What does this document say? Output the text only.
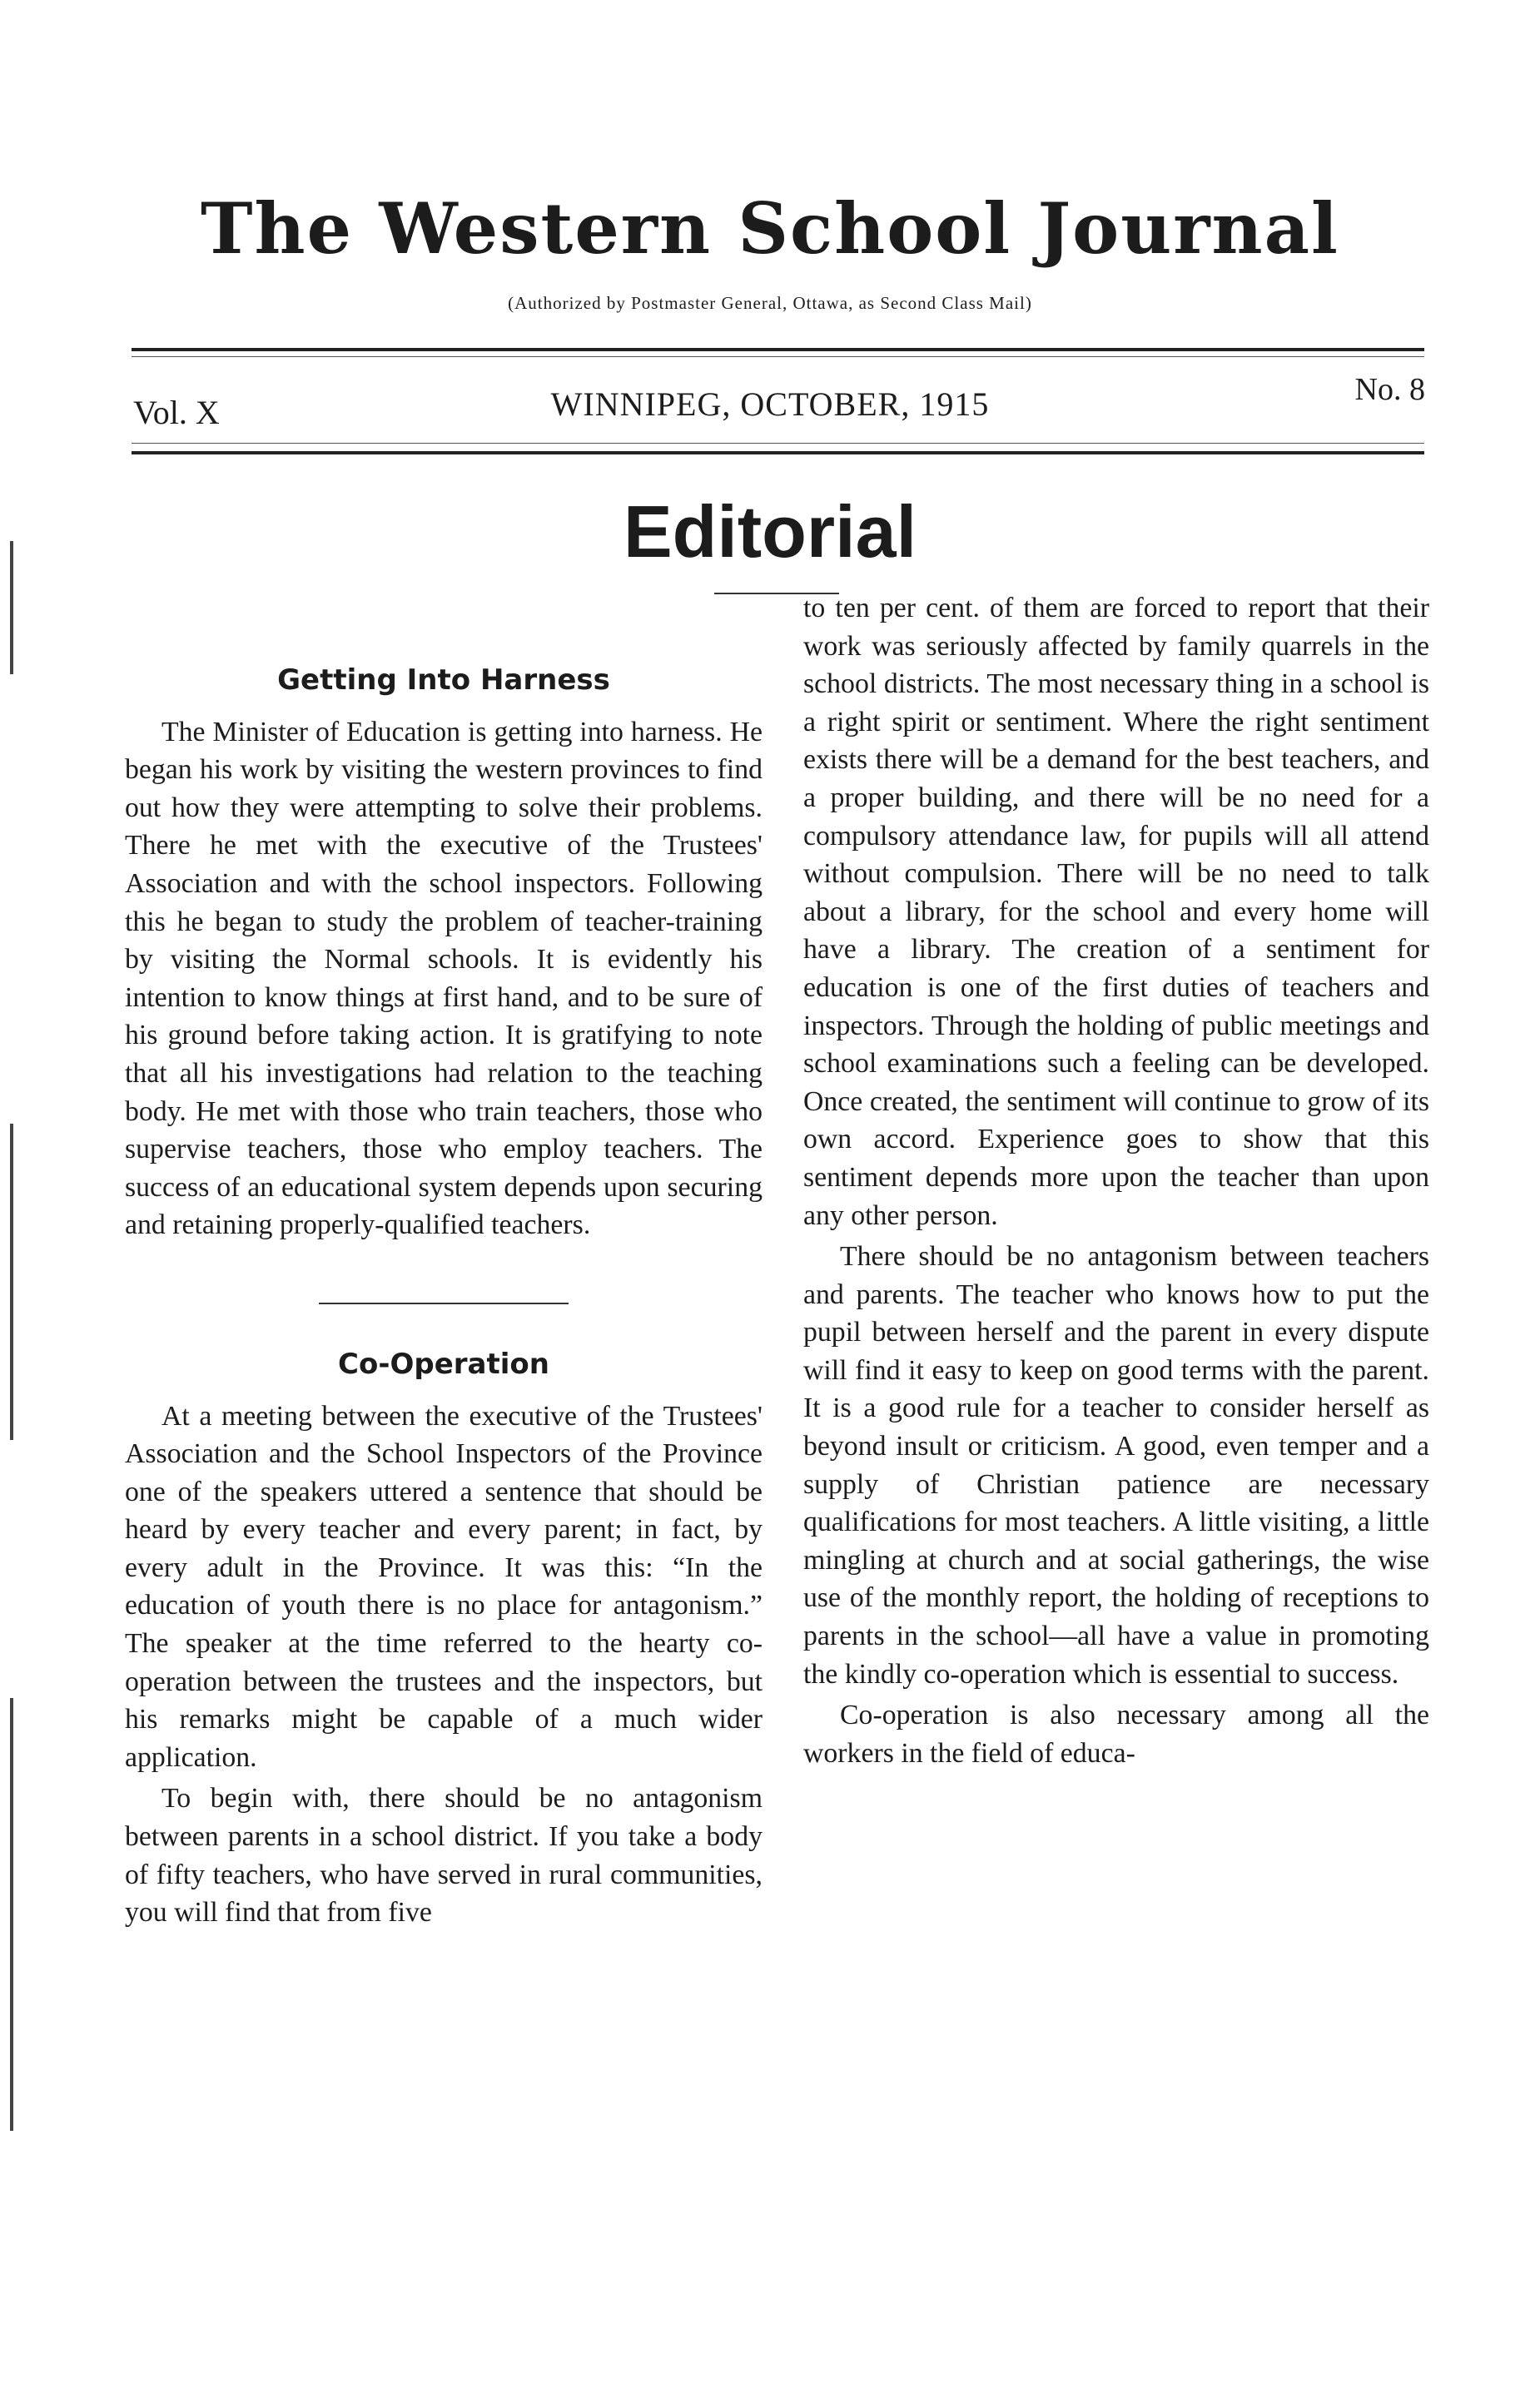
The Western School Journal
(Authorized by Postmaster General, Ottawa, as Second Class Mail)
Vol. X	WINNIPEG, OCTOBER, 1915	No. 8
Editorial
Getting Into Harness

The Minister of Education is getting into harness. He began his work by visiting the western provinces to find out how they were attempting to solve their problems. There he met with the executive of the Trustees' Association and with the school inspectors. Following this he began to study the problem of teacher-training by visiting the Normal schools. It is evidently his intention to know things at first hand, and to be sure of his ground before taking action. It is gratifying to note that all his investigations had relation to the teaching body. He met with those who train teachers, those who supervise teachers, those who employ teachers. The success of an educational system depends upon securing and retaining properly-qualified teachers.

Co-Operation

At a meeting between the executive of the Trustees' Association and the School Inspectors of the Province one of the speakers uttered a sentence that should be heard by every teacher and every parent; in fact, by every adult in the Province. It was this: “In the education of youth there is no place for antagonism.” The speaker at the time referred to the hearty co-operation between the trustees and the inspectors, but his remarks might be capable of a much wider application.

To begin with, there should be no antagonism between parents in a school district. If you take a body of fifty teachers, who have served in rural communities, you will find that from five

to ten per cent. of them are forced to report that their work was seriously affected by family quarrels in the school districts. The most necessary thing in a school is a right spirit or sentiment. Where the right sentiment exists there will be a demand for the best teachers, and a proper building, and there will be no need for a compulsory attendance law, for pupils will all attend without compulsion. There will be no need to talk about a library, for the school and every home will have a library. The creation of a sentiment for education is one of the first duties of teachers and inspectors. Through the holding of public meetings and school examinations such a feeling can be developed. Once created, the sentiment will continue to grow of its own accord. Experience goes to show that this sentiment depends more upon the teacher than upon any other person.

There should be no antagonism between teachers and parents. The teacher who knows how to put the pupil between herself and the parent in every dispute will find it easy to keep on good terms with the parent. It is a good rule for a teacher to consider herself as beyond insult or criticism. A good, even temper and a supply of Christian patience are necessary qualifications for most teachers. A little visiting, a little mingling at church and at social gatherings, the wise use of the monthly report, the holding of receptions to parents in the school—all have a value in promoting the kindly co-operation which is essential to success.

Co-operation is also necessary among all the workers in the field of educa-
